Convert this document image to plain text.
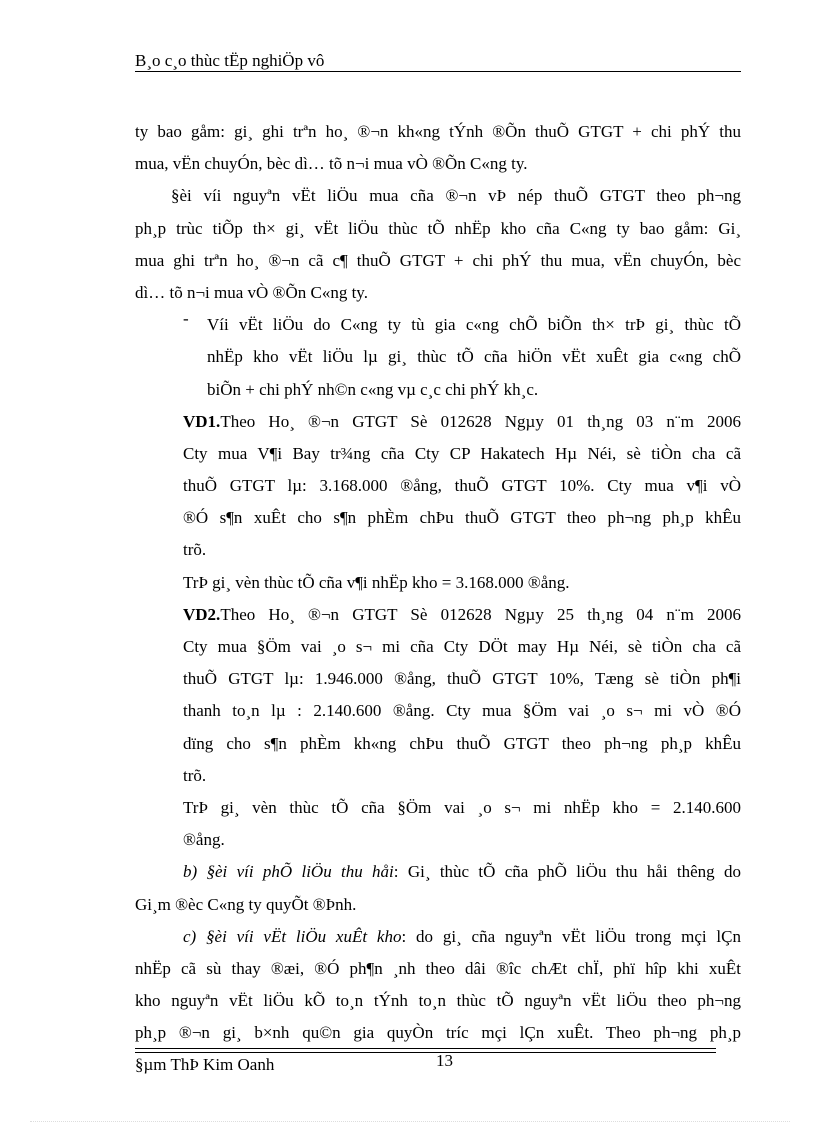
B¸o c¸o thùc tËp nghiÖp vô
ty bao gåm: gi¸ ghi trªn ho¸ ®¬n kh«ng tÝnh ®Õn thuÕ GTGT + chi phÝ thu
mua, vËn chuyÓn, bèc dì… tõ n¬i mua vÒ ®Õn C«ng ty.
§èi víi nguyªn vËt liÖu mua cña ®¬n vÞ nép thuÕ GTGT theo ph¬ng
ph¸p trùc tiÕp th× gi¸ vËt liÖu thùc tÕ nhËp kho cña C«ng ty bao gåm: Gi¸
mua ghi trªn ho¸ ®¬n cã c¶ thuÕ GTGT + chi phÝ thu mua, vËn chuyÓn, bèc
dì… tõ n¬i mua vÒ ®Õn C«ng ty.
-	Víi vËt liÖu do C«ng ty tù gia c«ng chÕ biÕn th× trÞ gi¸ thùc tÕ
nhËp kho vËt liÖu lµ gi¸ thùc tÕ cña hiÖn vËt xuÊt gia c«ng chÕ
biÕn + chi phÝ nh©n c«ng vµ c¸c chi phÝ kh¸c.
VD1.Theo Ho¸ ®¬n GTGT Sè 012628 Ngµy 01 th¸ng 03 n¨m 2006
Cty mua V¶i Bay tr¾ng cña Cty CP Hakatech Hµ Néi, sè tiÒn cha cã
thuÕ GTGT lµ: 3.168.000 ®ång, thuÕ GTGT 10%. Cty mua v¶i vÒ
®Ó s¶n xuÊt cho s¶n phÈm chÞu thuÕ GTGT theo ph¬ng ph¸p khÊu
trõ.
TrÞ gi¸ vèn thùc tÕ cña v¶i nhËp kho = 3.168.000 ®ång.
VD2.Theo Ho¸ ®¬n GTGT Sè 012628 Ngµy 25 th¸ng 04 n¨m 2006
Cty mua §Öm vai ¸o s¬ mi cña Cty DÖt may Hµ Néi, sè tiÒn cha cã
thuÕ GTGT lµ: 1.946.000 ®ång, thuÕ GTGT 10%, Tæng sè tiÒn ph¶i
thanh to¸n lµ : 2.140.600 ®ång. Cty mua §Öm vai ¸o s¬ mi vÒ ®Ó
dïng cho s¶n phÈm kh«ng chÞu thuÕ GTGT theo ph¬ng ph¸p khÊu
trõ.
TrÞ gi¸ vèn thùc tÕ cña §Öm vai ¸o s¬ mi nhËp kho = 2.140.600
®ång.
b) §èi víi phÕ liÖu thu håi: Gi¸ thùc tÕ cña phÕ liÖu thu håi thêng do
Gi¸m ®èc C«ng ty quyÕt ®Þnh.
c) §èi víi vËt liÖu xuÊt kho: do gi¸ cña nguyªn vËt liÖu trong mçi lÇn
nhËp cã sù thay ®æi, ®Ó ph¶n ¸nh theo dâi ®îc chÆt chÏ, phï hîp khi xuÊt
kho nguyªn vËt liÖu kÕ to¸n tÝnh to¸n thùc tÕ nguyªn vËt liÖu theo ph¬ng
ph¸p ®¬n gi¸ b×nh qu©n gia quyÒn tríc mçi lÇn xuÊt. Theo ph¬ng ph¸p
§µm ThÞ Kim Oanh	13
